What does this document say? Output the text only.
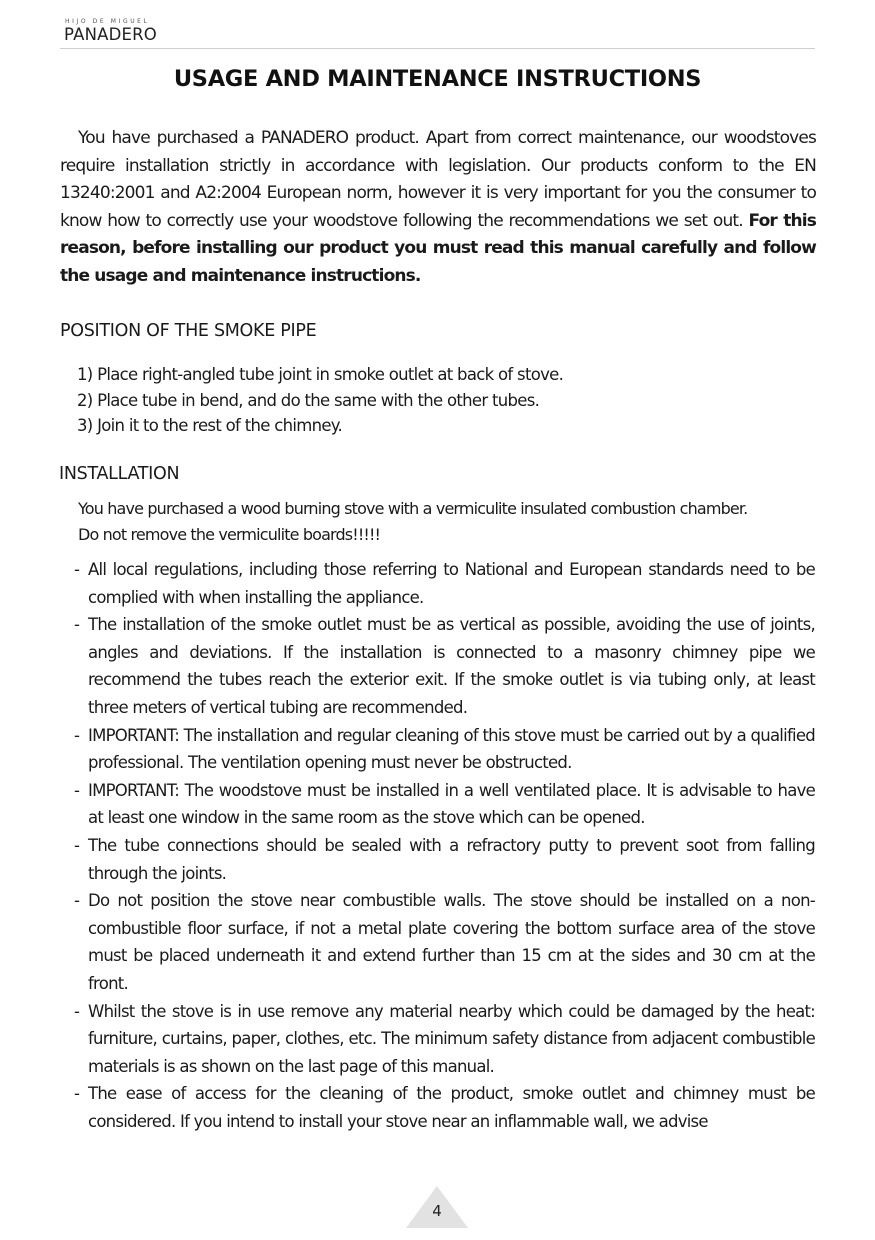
HIJO DE MIGUEL
PANADERO
USAGE AND MAINTENANCE INSTRUCTIONS

You have purchased a PANADERO product. Apart from correct maintenance, our woodstoves require installation strictly in accordance with legislation. Our products conform to the EN 13240:2001 and A2:2004 European norm, however it is very important for you the consumer to know how to correctly use your woodstove following the recommendations we set out. For this reason, before installing our product you must read this manual carefully and follow the usage and maintenance instructions.

POSITION OF THE SMOKE PIPE
1) Place right-angled tube joint in smoke outlet at back of stove.
2) Place tube in bend, and do the same with the other tubes.
3) Join it to the rest of the chimney.
INSTALLATION
You have purchased a wood burning stove with a vermiculite insulated combustion chamber.
Do not remove the vermiculite boards!!!!!
- All local regulations, including those referring to National and European standards need to be complied with when installing the appliance.
- The installation of the smoke outlet must be as vertical as possible, avoiding the use of joints, angles and deviations. If the installation is connected to a masonry chimney pipe we recommend the tubes reach the exterior exit. If the smoke outlet is via tubing only, at least three meters of vertical tubing are recommended.
- IMPORTANT: The installation and regular cleaning of this stove must be carried out by a qualified professional. The ventilation opening must never be obstructed.
- IMPORTANT: The woodstove must be installed in a well ventilated place. It is advisable to have at least one window in the same room as the stove which can be opened.
- The tube connections should be sealed with a refractory putty to prevent soot from falling through the joints.
- Do not position the stove near combustible walls. The stove should be installed on a non-combustible floor surface, if not a metal plate covering the bottom surface area of the stove must be placed underneath it and extend further than 15 cm at the sides and 30 cm at the front.
- Whilst the stove is in use remove any material nearby which could be damaged by the heat: furniture, curtains, paper, clothes, etc. The minimum safety distance from adjacent combustible materials is as shown on the last page of this manual.
- The ease of access for the cleaning of the product, smoke outlet and chimney must be considered. If you intend to install your stove near an inflammable wall, we advise
4
